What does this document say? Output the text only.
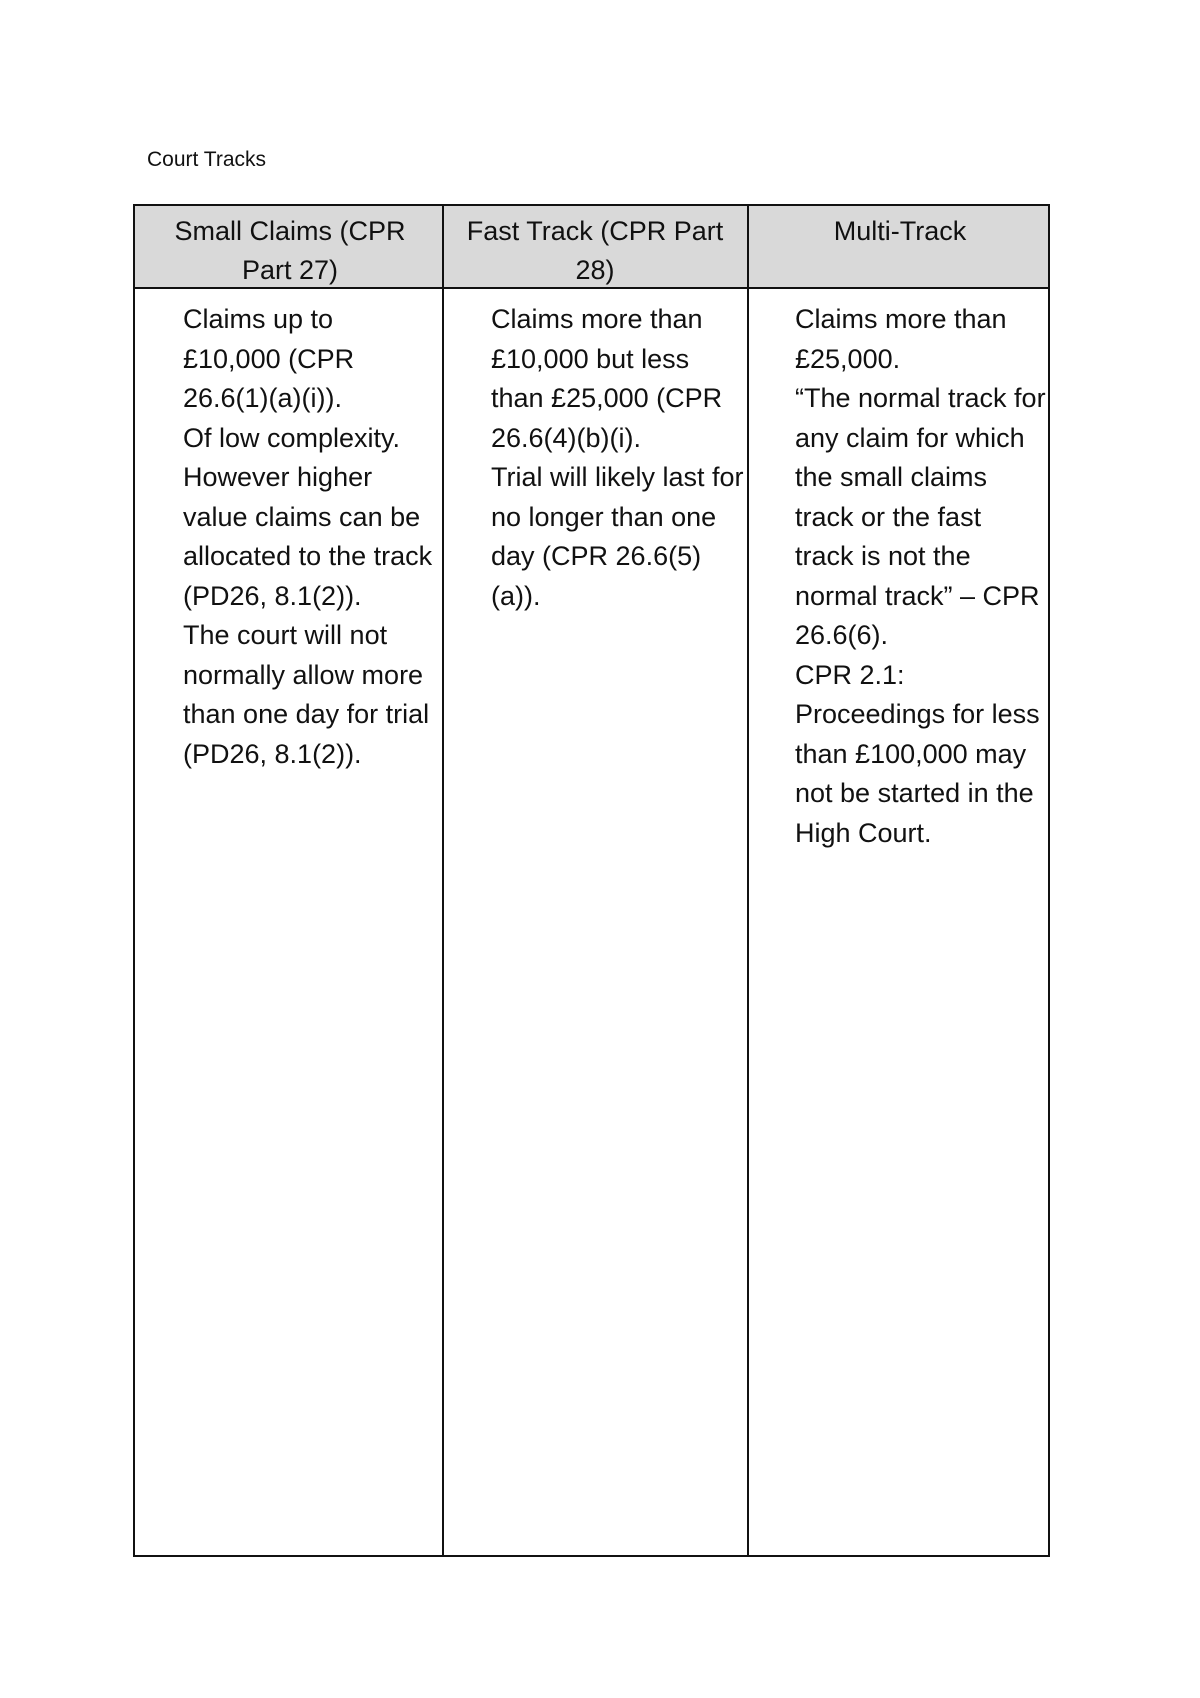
Court Tracks
Small Claims (CPR Part 27)
Fast Track (CPR Part 28)
Multi-Track

Claims up to £10,000 (CPR 26.6(1)(a)(i)).

Of low complexity.

However higher value claims can be allocated to the track (PD26, 8.1(2)).

The court will not normally allow more than one day for trial (PD26, 8.1(2)).

Claims more than £10,000 but less than £25,000 (CPR 26.6(4)(b)(i).

Trial will likely last for no longer than one day (CPR 26.6(5)(a)).

Claims more than £25,000.

“The normal track for any claim for which the small claims track or the fast track is not the normal track” – CPR 26.6(6).

CPR 2.1: Proceedings for less than £100,000 may not be started in the High Court.
